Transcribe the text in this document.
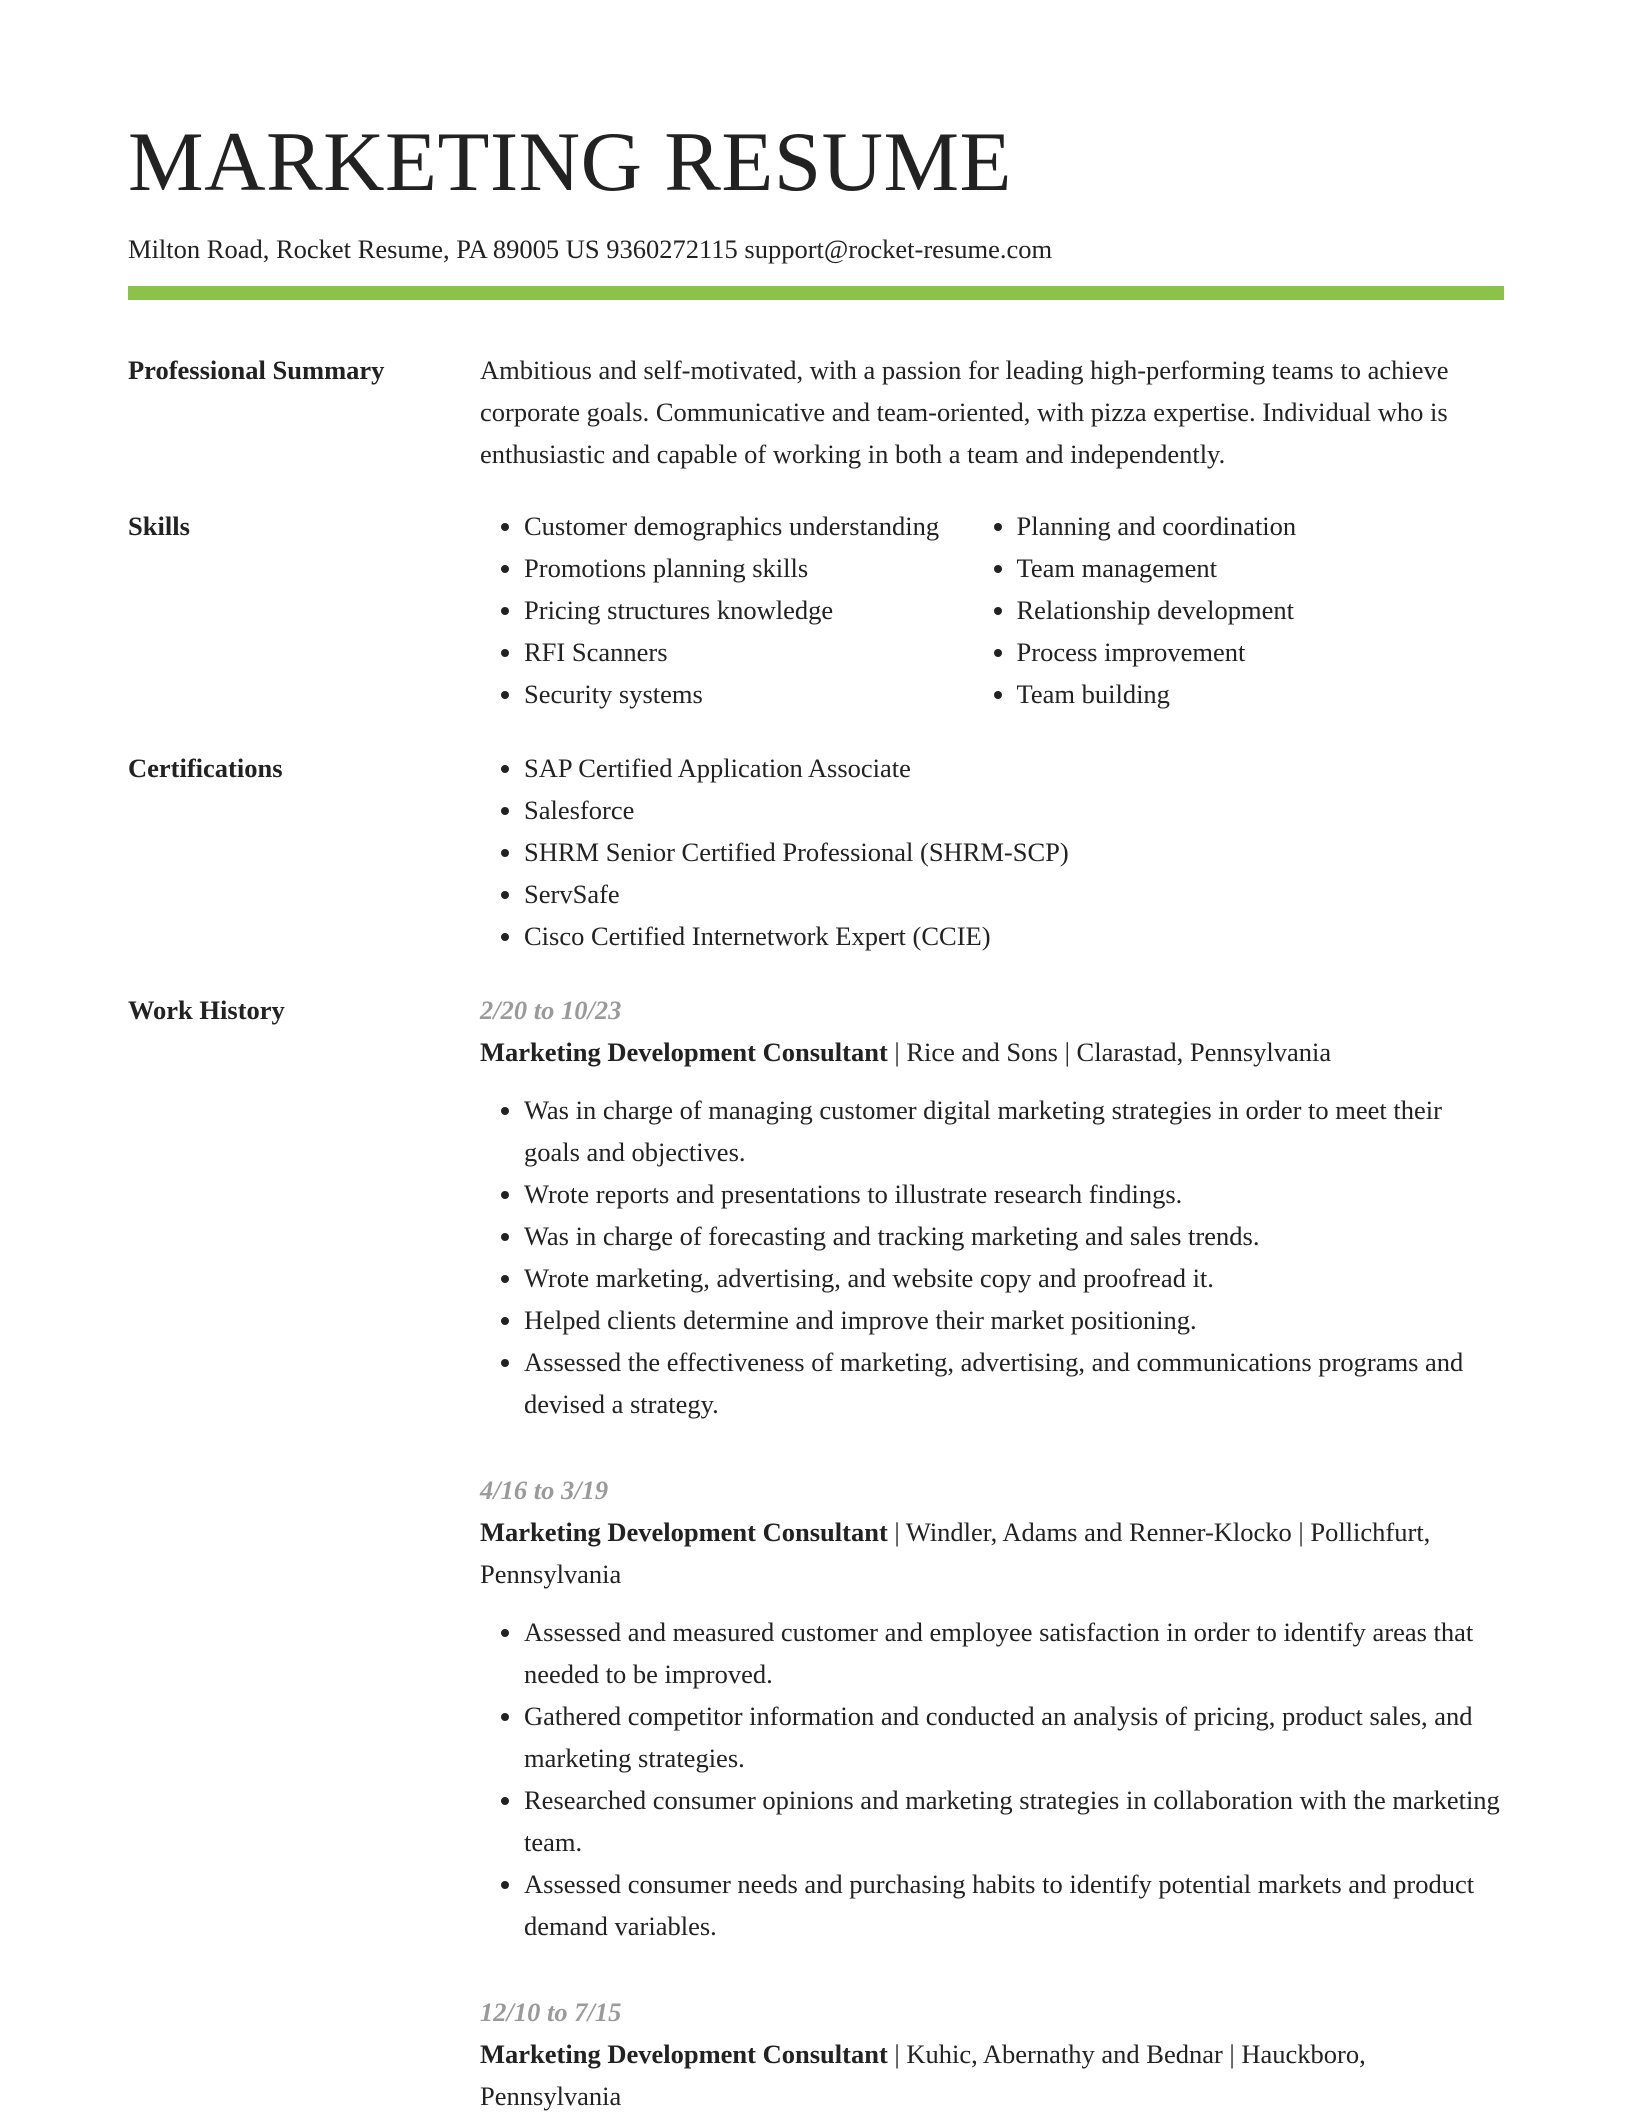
MARKETING RESUME
Milton Road, Rocket Resume, PA 89005 US 9360272115 support@rocket-resume.com
Professional Summary	Ambitious and self-motivated, with a passion for leading high-performing teams to achieve corporate goals. Communicative and team-oriented, with pizza expertise. Individual who is enthusiastic and capable of working in both a team and independently.

Skills	• Customer demographics understanding
• Promotions planning skills
• Pricing structures knowledge
• RFI Scanners
• Security systems
• Planning and coordination
• Team management
• Relationship development
• Process improvement
• Team building
Certifications	• SAP Certified Application Associate
• Salesforce
• SHRM Senior Certified Professional (SHRM-SCP)
• ServSafe
• Cisco Certified Internetwork Expert (CCIE)
Work History	2/20 to 10/23
Marketing Development Consultant | Rice and Sons | Clarastad, Pennsylvania
• Was in charge of managing customer digital marketing strategies in order to meet their goals and objectives.
• Wrote reports and presentations to illustrate research findings.
• Was in charge of forecasting and tracking marketing and sales trends.
• Wrote marketing, advertising, and website copy and proofread it.
• Helped clients determine and improve their market positioning.
• Assessed the effectiveness of marketing, advertising, and communications programs and devised a strategy.
4/16 to 3/19
Marketing Development Consultant | Windler, Adams and Renner-Klocko | Pollichfurt, Pennsylvania
• Assessed and measured customer and employee satisfaction in order to identify areas that needed to be improved.
• Gathered competitor information and conducted an analysis of pricing, product sales, and marketing strategies.
• Researched consumer opinions and marketing strategies in collaboration with the marketing team.
• Assessed consumer needs and purchasing habits to identify potential markets and product demand variables.
12/10 to 7/15
Marketing Development Consultant | Kuhic, Abernathy and Bednar | Hauckboro, Pennsylvania
